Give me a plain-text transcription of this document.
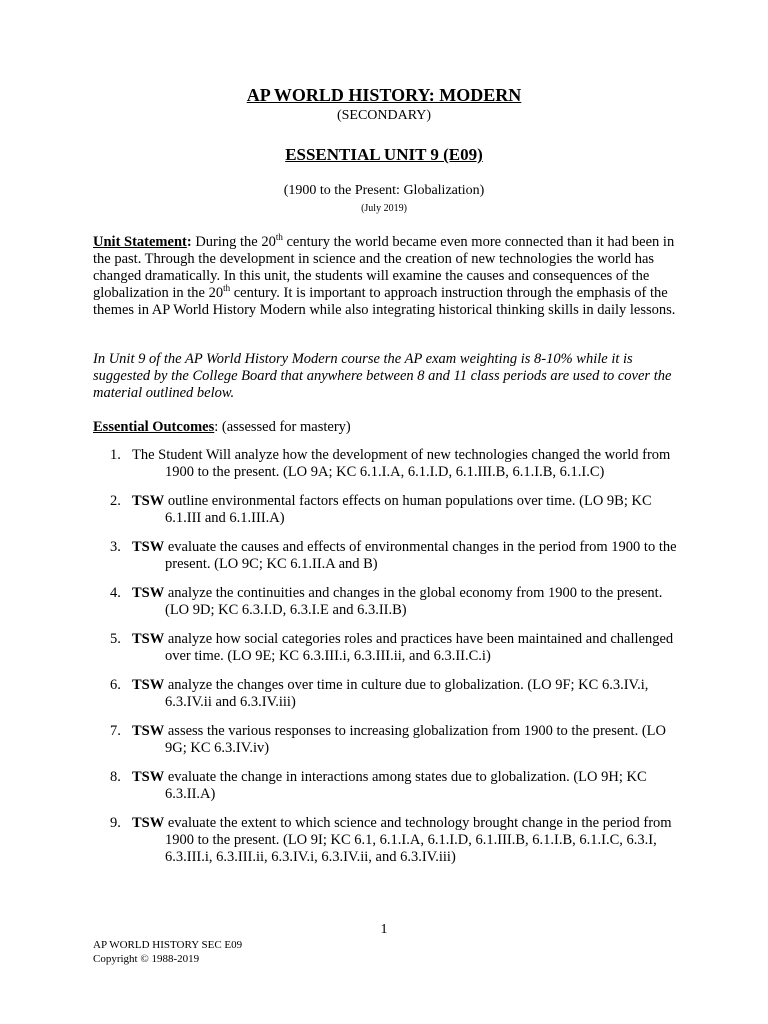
AP WORLD HISTORY: MODERN
(SECONDARY)
ESSENTIAL UNIT 9 (E09)
(1900 to the Present: Globalization)
(July 2019)
Unit Statement: During the 20th century the world became even more connected than it had been in the past. Through the development in science and the creation of new technologies the world has changed dramatically. In this unit, the students will examine the causes and consequences of the globalization in the 20th century. It is important to approach instruction through the emphasis of the themes in AP World History Modern while also integrating historical thinking skills in daily lessons.
In Unit 9 of the AP World History Modern course the AP exam weighting is 8-10% while it is suggested by the College Board that anywhere between 8 and 11 class periods are used to cover the material outlined below.
Essential Outcomes: (assessed for mastery)
1. The Student Will analyze how the development of new technologies changed the world from 1900 to the present. (LO 9A; KC 6.1.I.A, 6.1.I.D, 6.1.III.B, 6.1.I.B, 6.1.I.C)
2. TSW outline environmental factors effects on human populations over time. (LO 9B; KC 6.1.III and 6.1.III.A)
3. TSW evaluate the causes and effects of environmental changes in the period from 1900 to the present. (LO 9C; KC 6.1.II.A and B)
4. TSW analyze the continuities and changes in the global economy from 1900 to the present. (LO 9D; KC 6.3.I.D, 6.3.I.E and 6.3.II.B)
5. TSW analyze how social categories roles and practices have been maintained and challenged over time. (LO 9E; KC 6.3.III.i, 6.3.III.ii, and 6.3.II.C.i)
6. TSW analyze the changes over time in culture due to globalization. (LO 9F; KC 6.3.IV.i, 6.3.IV.ii and 6.3.IV.iii)
7. TSW assess the various responses to increasing globalization from 1900 to the present. (LO 9G; KC 6.3.IV.iv)
8. TSW evaluate the change in interactions among states due to globalization. (LO 9H; KC 6.3.II.A)
9. TSW evaluate the extent to which science and technology brought change in the period from 1900 to the present. (LO 9I; KC 6.1, 6.1.I.A, 6.1.I.D, 6.1.III.B, 6.1.I.B, 6.1.I.C, 6.3.I, 6.3.III.i, 6.3.III.ii, 6.3.IV.i, 6.3.IV.ii, and 6.3.IV.iii)
1
AP WORLD HISTORY SEC E09
Copyright © 1988-2019
